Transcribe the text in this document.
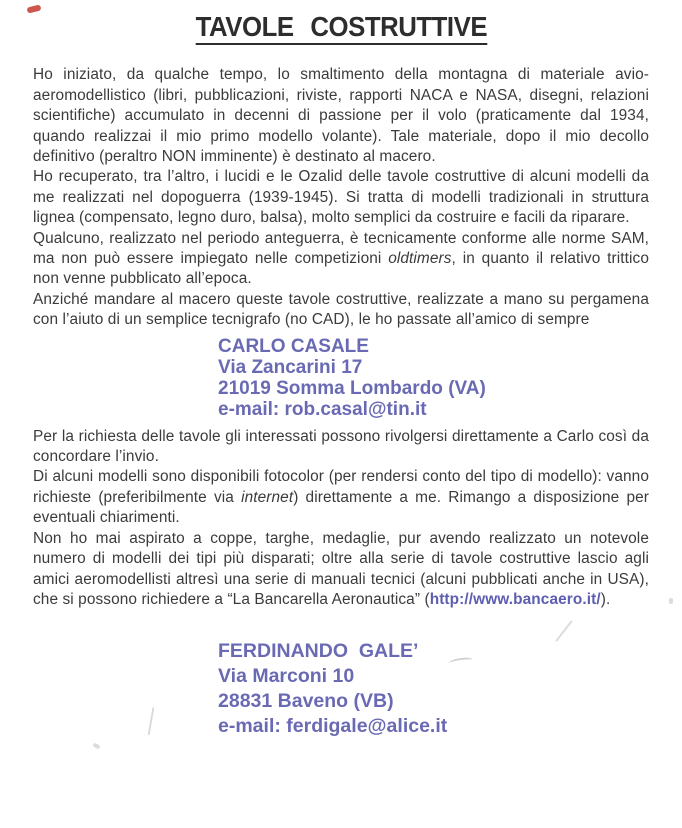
TAVOLE COSTRUTTIVE

Ho iniziato, da qualche tempo, lo smaltimento della montagna di materiale avio-aeromodellistico (libri, pubblicazioni, riviste, rapporti NACA e NASA, disegni, relazioni scientifiche) accumulato in decenni di passione per il volo (praticamente dal 1934, quando realizzai il mio primo modello volante). Tale materiale, dopo il mio decollo definitivo (peraltro NON imminente) è destinato al macero.

Ho recuperato, tra l’altro, i lucidi e le Ozalid delle tavole costruttive di alcuni modelli da me realizzati nel dopoguerra (1939-1945). Si tratta di modelli tradizionali in struttura lignea (compensato, legno duro, balsa), molto semplici da costruire e facili da riparare.

Qualcuno, realizzato nel periodo anteguerra, è tecnicamente conforme alle norme SAM, ma non può essere impiegato nelle competizioni oldtimers, in quanto il relativo trittico non venne pubblicato all’epoca.

Anziché mandare al macero queste tavole costruttive, realizzate a mano su pergamena con l’aiuto di un semplice tecnigrafo (no CAD), le ho passate all’amico di sempre

CARLO CASALE
Via Zancarini 17
21019 Somma Lombardo (VA)
e-mail: rob.casal@tin.it

Per la richiesta delle tavole gli interessati possono rivolgersi direttamente a Carlo così da concordare l’invio.

Di alcuni modelli sono disponibili fotocolor (per rendersi conto del tipo di modello): vanno richieste (preferibilmente via internet) direttamente a me. Rimango a disposizione per eventuali chiarimenti.

Non ho mai aspirato a coppe, targhe, medaglie, pur avendo realizzato un notevole numero di modelli dei tipi più disparati; oltre alla serie di tavole costruttive lascio agli amici aeromodellisti altresì una serie di manuali tecnici (alcuni pubblicati anche in USA), che si possono richiedere a “La Bancarella Aeronautica” (http://www.bancaero.it/).

FERDINANDO  GALE’
Via Marconi 10
28831 Baveno (VB)
e-mail: ferdigale@alice.it
